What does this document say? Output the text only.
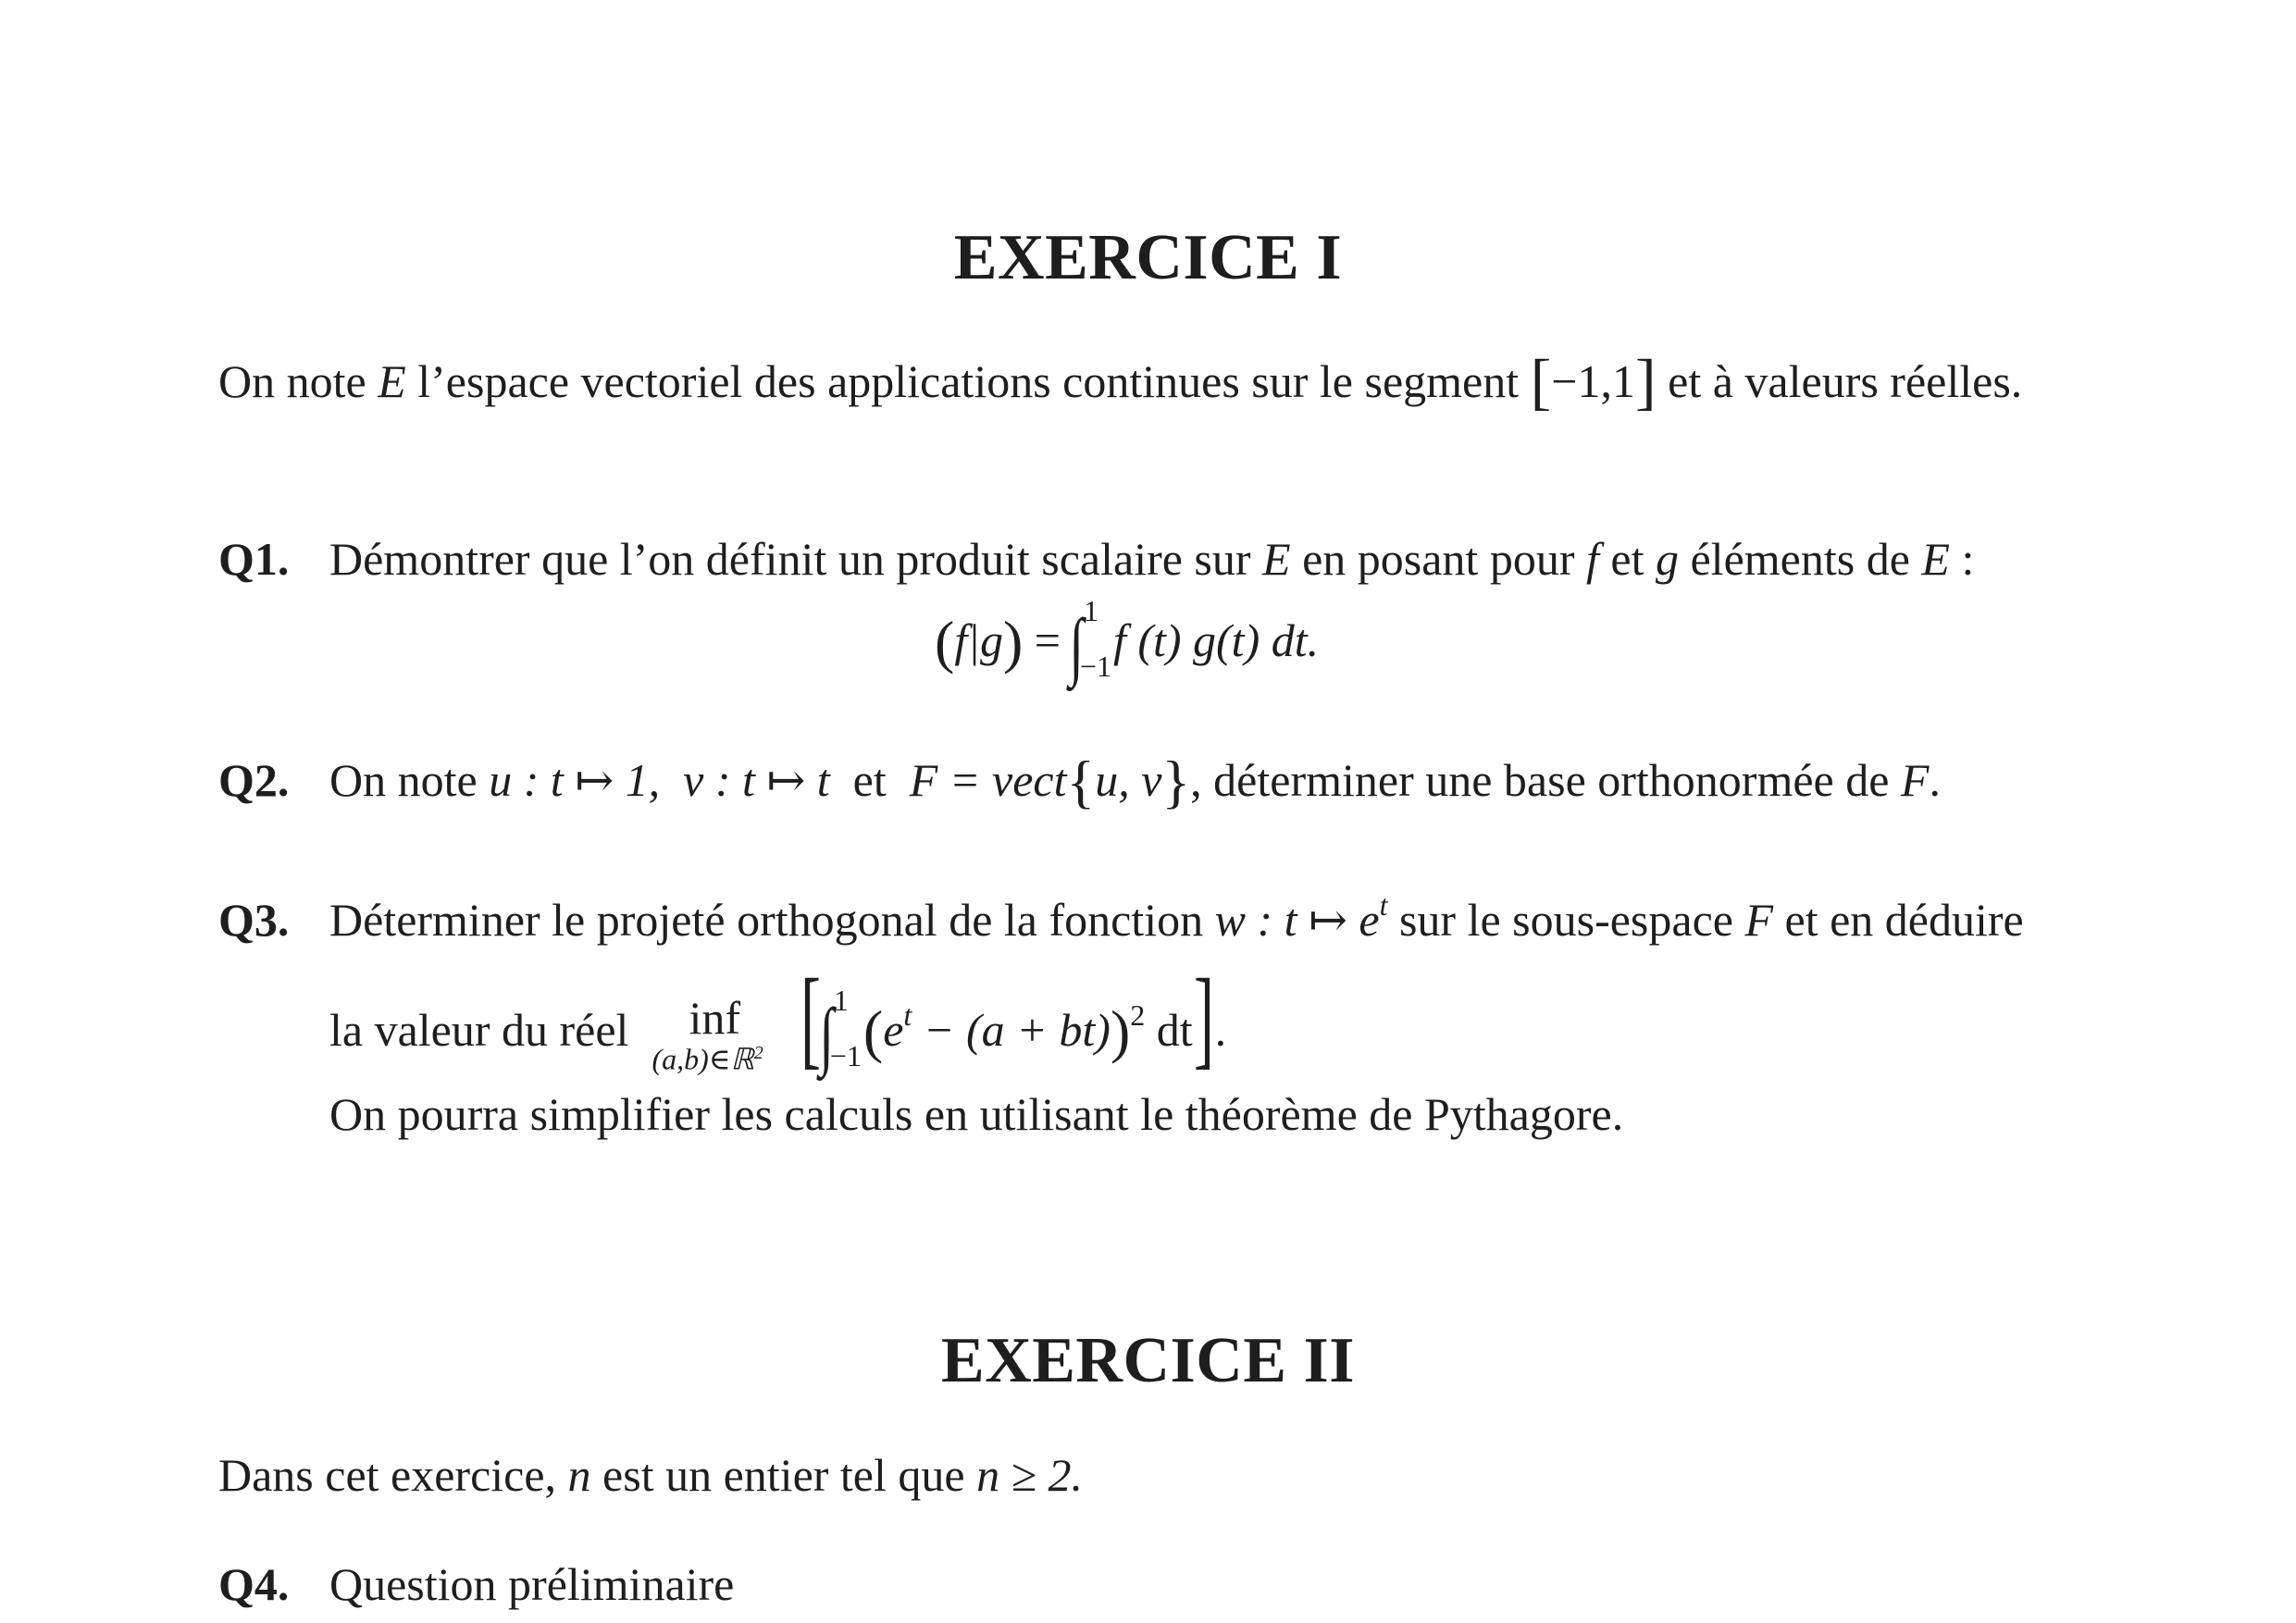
EXERCICE I
On note E l’espace vectoriel des applications continues sur le segment [−1,1] et à valeurs réelles.
Q1. Démontrer que l’on définit un produit scalaire sur E en posant pour f et g éléments de E :
(f|g) = ∫ 1
−1 f (t) g(t) dt.
Q2. On note u : t ↦ 1, v : t ↦ t et F = vect{u, v}, déterminer une base orthonormée de F.
Q3. Déterminer le projeté orthogonal de la fonction w : t ↦ $e^t$ sur le sous-espace F et en déduire
la valeur du réel inf
(a,b)∈ℝ$^2$ [∫ 1
−1 $(e^t - (a + bt))^2$ dt].
On pourra simplifier les calculs en utilisant le théorème de Pythagore.
EXERCICE II
Dans cet exercice, n est un entier tel que n ≥ 2.
Q4. Question préliminaire
